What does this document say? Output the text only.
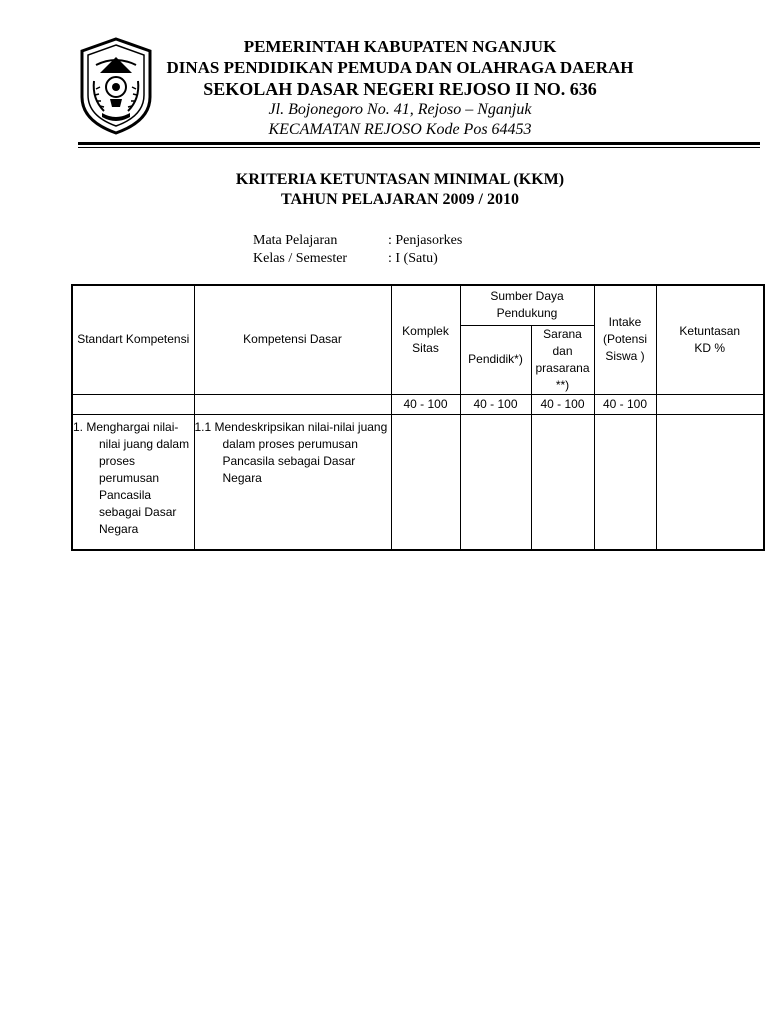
PEMERINTAH KABUPATEN NGANJUK
DINAS PENDIDIKAN PEMUDA DAN OLAHRAGA DAERAH
SEKOLAH DASAR NEGERI REJOSO II NO. 636
Jl. Bojonegoro No. 41, Rejoso – Nganjuk
KECAMATAN REJOSO Kode Pos 64453
KRITERIA KETUNTASAN MINIMAL (KKM)
TAHUN PELAJARAN 2009 / 2010
Mata Pelajaran	: Penjasorkes
Kelas / Semester	: I (Satu)
Standart Kompetensi	Kompetensi Dasar	Komplek Sitas	Sumber Daya Pendukung		Intake (Potensi Siswa )	Ketuntasan KD %

			Pendidik*)	Sarana dan prasarana **)		

		40 - 100	40 - 100	40 - 100	40 - 100	

1. Menghargai nilai-nilai juang dalam proses perumusan Pancasila sebagai Dasar Negara	1.1 Mendeskripsikan nilai-nilai juang dalam proses perumusan Pancasila sebagai Dasar Negara					
